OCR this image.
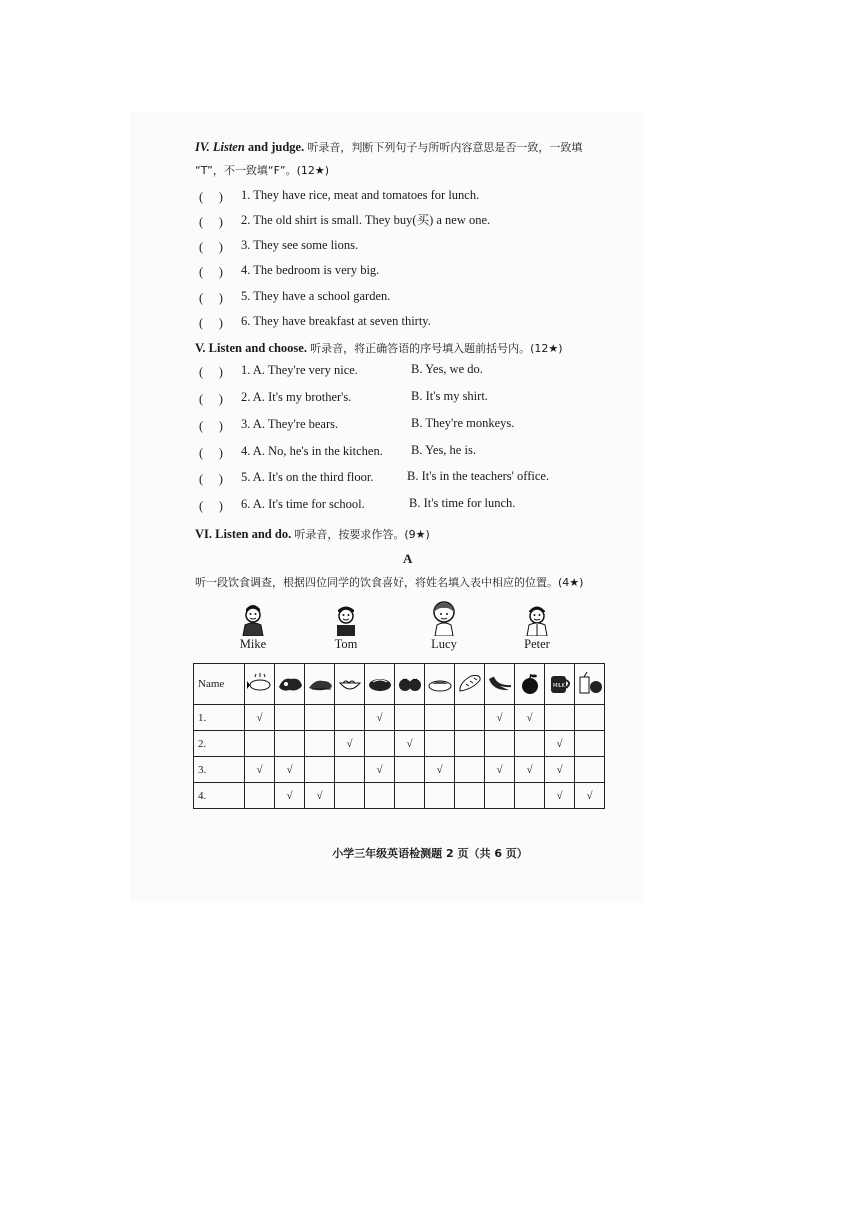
IV. Listen and judge. 听录音，判断下列句子与所听内容意思是否一致，一致填
“T”，不一致填“F”。(12★)
(　 ) 1. They have rice, meat and tomatoes for lunch.
(　 ) 2. The old shirt is small. They buy(买) a new one.
(　 ) 3. They see some lions.
(　 ) 4. The bedroom is very big.
(　 ) 5. They have a school garden.
(　 ) 6. They have breakfast at seven thirty.
V. Listen and choose. 听录音，将正确答语的序号填入题前括号内。(12★)
(　 ) 1. A. They're very nice.	B. Yes, we do.
(　 ) 2. A. It's my brother's.	B. It's my shirt.
(　 ) 3. A. They're bears.	B. They're monkeys.
(　 ) 4. A. No, he's in the kitchen. B. Yes, he is.
(　 ) 5. A. It's on the third floor.	B. It's in the teachers' office.
(　 ) 6. A. It's time for school.	B. It's time for lunch.
VI. Listen and do. 听录音，按要求作答。(9★)
A
听一段饮食调查，根据四位同学的饮食喜好，将姓名填入表中相应的位置。(4★)
Mike	Tom	Lucy	Peter
Name											MILK

1.	√				√				√	√		
2.				√		√					√	
3.	√	√			√		√		√	√	√	
4.		√	√								√	√
小学三年级英语检测题 2 页（共 6 页）
